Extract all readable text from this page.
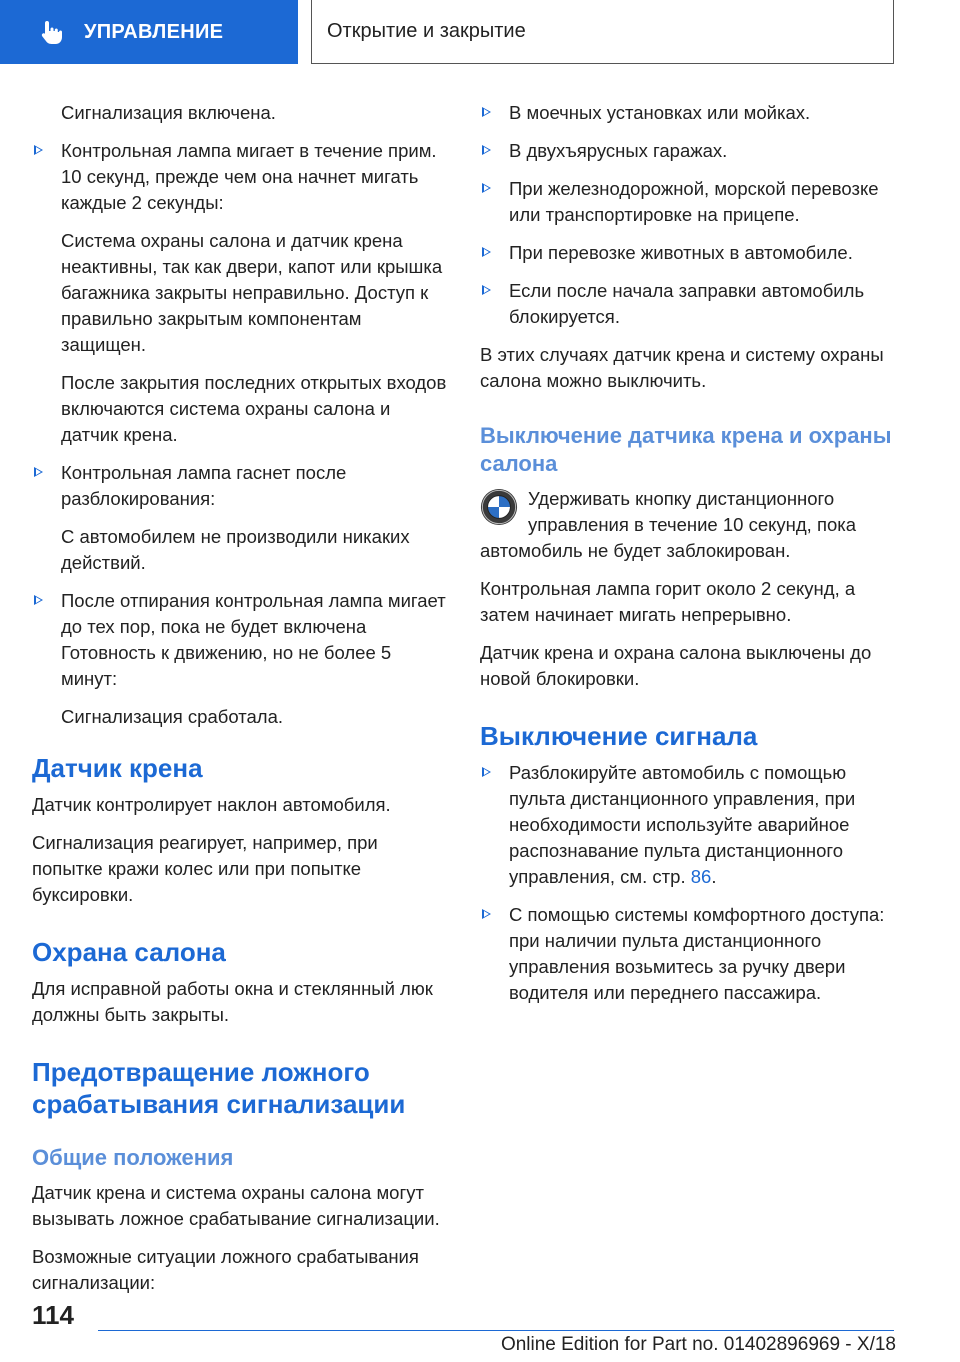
УПРАВЛЕНИЕ	Открытие и закрытие

Сигнализация включена.

Контрольная лампа мигает в течение прим. 10 секунд, прежде чем она начнет мигать каждые 2 секунды:

Система охраны салона и датчик крена неактивны, так как двери, капот или крышка багажника закрыты неправильно. Доступ к правильно закрытым компонентам защищен.

После закрытия последних открытых входов включаются система охраны салона и датчик крена.

Контрольная лампа гаснет после разблокирования:

С автомобилем не производили никаких действий.

После отпирания контрольная лампа мигает до тех пор, пока не будет включена Готовность к движению, но не более 5 минут:

Сигнализация сработала.

Датчик крена

Датчик контролирует наклон автомобиля.

Сигнализация реагирует, например, при попытке кражи колес или при попытке буксировки.

Охрана салона

Для исправной работы окна и стеклянный люк должны быть закрыты.

Предотвращение ложного срабатывания сигнализации
Общие положения

Датчик крена и система охраны салона могут вызывать ложное срабатывание сигнализации.

Возможные ситуации ложного срабатывания сигнализации:

В моечных установках или мойках.

В двухъярусных гаражах.

При железнодорожной, морской перевозке или транспортировке на прицепе.

При перевозке животных в автомобиле.

Если после начала заправки автомобиль блокируется.

В этих случаях датчик крена и систему охраны салона можно выключить.

Выключение датчика крена и охраны салона

Удерживать кнопку дистанционного управления в течение 10 секунд, пока автомобиль не будет заблокирован.

Контрольная лампа горит около 2 секунд, а затем начинает мигать непрерывно.

Датчик крена и охрана салона выключены до новой блокировки.

Выключение сигнала

Разблокируйте автомобиль с помощью пульта дистанционного управления, при необходимости используйте аварийное распознавание пульта дистанционного управления, см. стр. 86.

С помощью системы комфортного доступа: при наличии пульта дистанционного управления возьмитесь за ручку двери водителя или переднего пассажира.

114
Online Edition for Part no. 01402896969 - X/18
